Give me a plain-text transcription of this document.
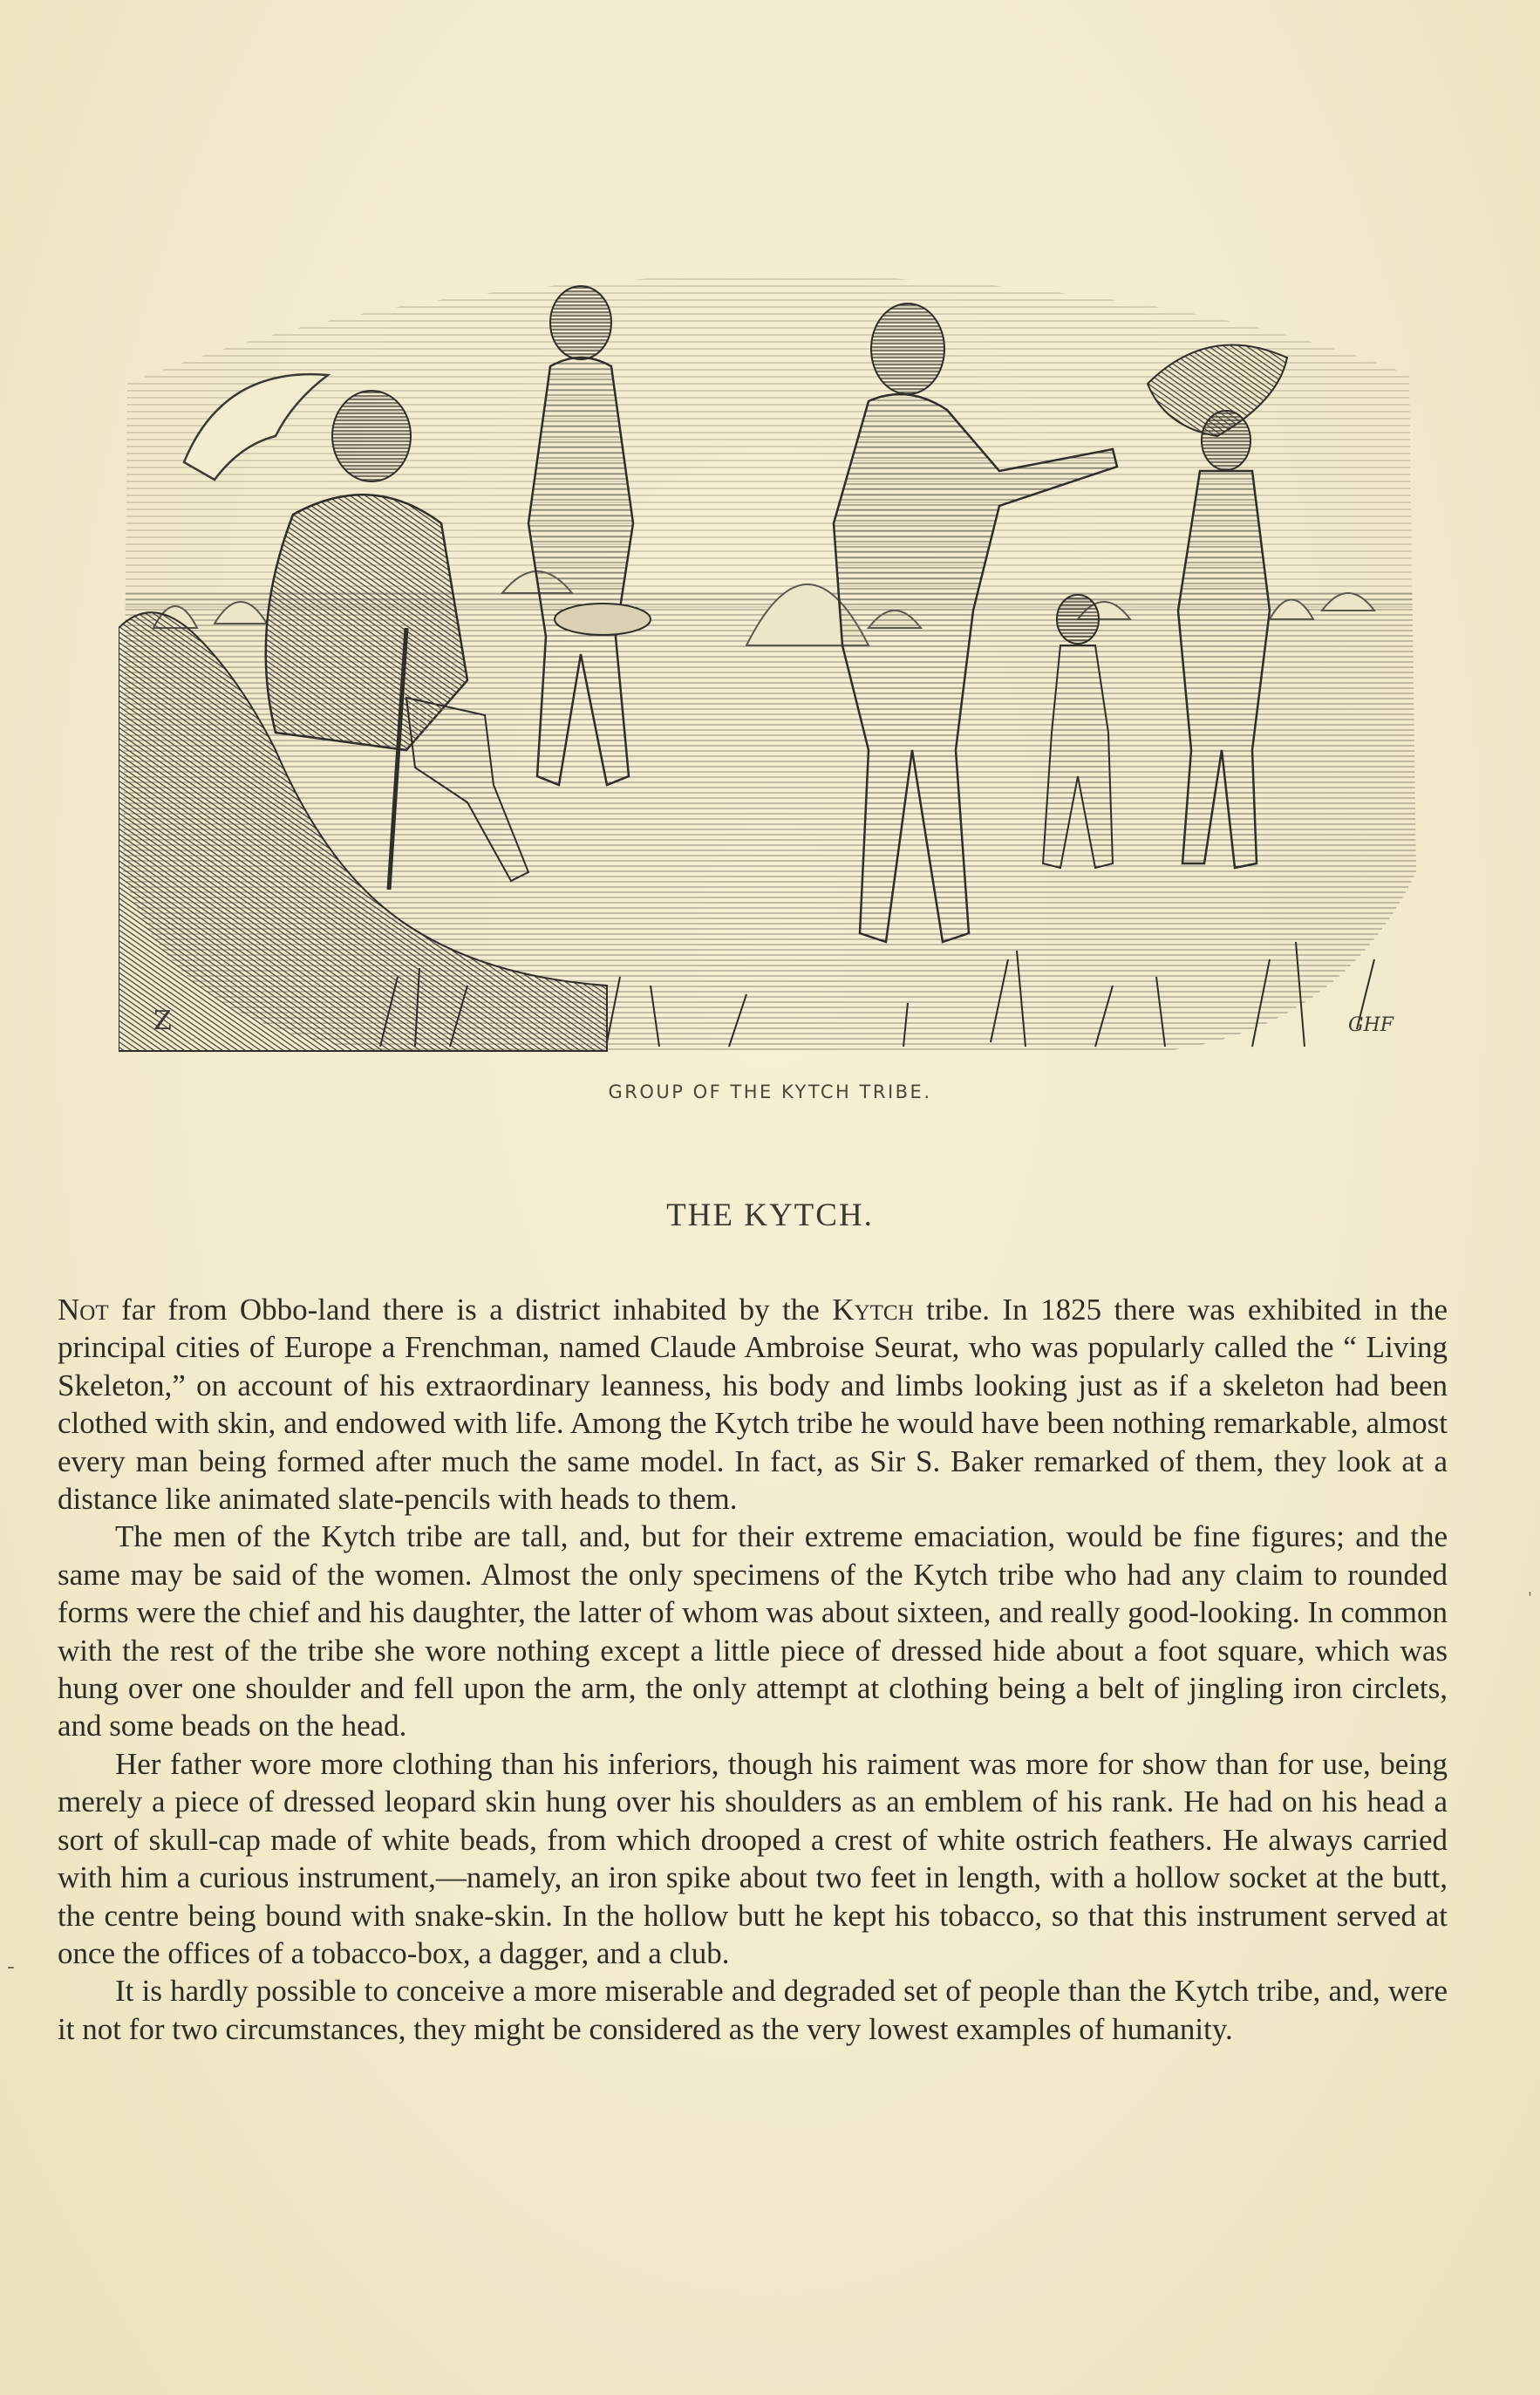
Z	GHF
GROUP OF THE KYTCH TRIBE.
THE KYTCH.

Not far from Obbo-land there is a district inhabited by the Kytch tribe. In 1825 there was exhibited in the principal cities of Europe a Frenchman, named Claude Ambroise Seurat, who was popularly called the “ Living Skeleton,” on account of his extraordinary leanness, his body and limbs looking just as if a skeleton had been clothed with skin, and endowed with life. Among the Kytch tribe he would have been nothing remarkable, almost every man being formed after much the same model. In fact, as Sir S. Baker remarked of them, they look at a distance like animated slate-pencils with heads to them.

The men of the Kytch tribe are tall, and, but for their extreme emaciation, would be fine figures; and the same may be said of the women. Almost the only specimens of the Kytch tribe who had any claim to rounded forms were the chief and his daughter, the latter of whom was about sixteen, and really good-looking. In common with the rest of the tribe she wore nothing except a little piece of dressed hide about a foot square, which was hung over one shoulder and fell upon the arm, the only attempt at clothing being a belt of jingling iron circlets, and some beads on the head.

Her father wore more clothing than his inferiors, though his raiment was more for show than for use, being merely a piece of dressed leopard skin hung over his shoulders as an emblem of his rank. He had on his head a sort of skull-cap made of white beads, from which drooped a crest of white ostrich feathers. He always carried with him a curious instrument,—namely, an iron spike about two feet in length, with a hollow socket at the butt, the centre being bound with snake-skin. In the hollow butt he kept his tobacco, so that this instrument served at once the offices of a tobacco-box, a dagger, and a club.

It is hardly possible to conceive a more miserable and degraded set of people than the Kytch tribe, and, were it not for two circumstances, they might be considered as the very lowest examples of humanity.

-
'
